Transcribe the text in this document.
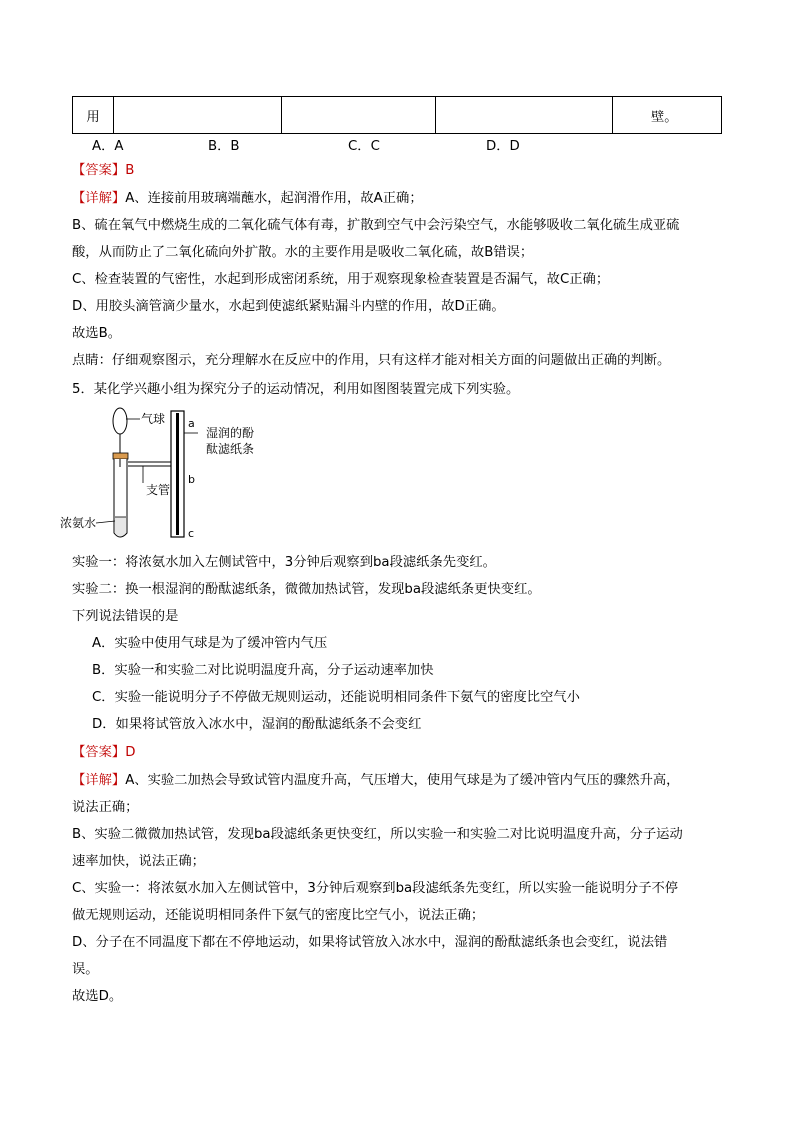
用				壁。
A．A	B．B	C．C	D．D
【答案】B
【详解】A、连接前用玻璃端蘸水，起润滑作用，故A正确；
B、硫在氧气中燃烧生成的二氧化硫气体有毒，扩散到空气中会污染空气，水能够吸收二氧化硫生成亚硫
酸，从而防止了二氧化硫向外扩散。水的主要作用是吸收二氧化硫，故B错误；
C、检查装置的气密性，水起到形成密闭系统，用于观察现象检查装置是否漏气，故C正确；
D、用胶头滴管滴少量水，水起到使滤纸紧贴漏斗内壁的作用，故D正确。
故选B。
点睛：仔细观察图示，充分理解水在反应中的作用，只有这样才能对相关方面的问题做出正确的判断。
5．某化学兴趣小组为探究分子的运动情况，利用如图图装置完成下列实验。
气球 a
湿润的酚
酞滤纸条
支管
b
c
浓氨水
实验一：将浓氨水加入左侧试管中，3分钟后观察到ba段滤纸条先变红。
实验二：换一根湿润的酚酞滤纸条，微微加热试管，发现ba段滤纸条更快变红。
下列说法错误的是
A．实验中使用气球是为了缓冲管内气压
B．实验一和实验二对比说明温度升高，分子运动速率加快
C．实验一能说明分子不停做无规则运动，还能说明相同条件下氨气的密度比空气小
D．如果将试管放入冰水中，湿润的酚酞滤纸条不会变红
【答案】D
【详解】A、实验二加热会导致试管内温度升高，气压增大，使用气球是为了缓冲管内气压的骤然升高，
说法正确；
B、实验二微微加热试管，发现ba段滤纸条更快变红，所以实验一和实验二对比说明温度升高，分子运动
速率加快，说法正确；
C、实验一：将浓氨水加入左侧试管中，3分钟后观察到ba段滤纸条先变红，所以实验一能说明分子不停
做无规则运动，还能说明相同条件下氨气的密度比空气小，说法正确；
D、分子在不同温度下都在不停地运动，如果将试管放入冰水中，湿润的酚酞滤纸条也会变红，说法错
误。
故选D。
